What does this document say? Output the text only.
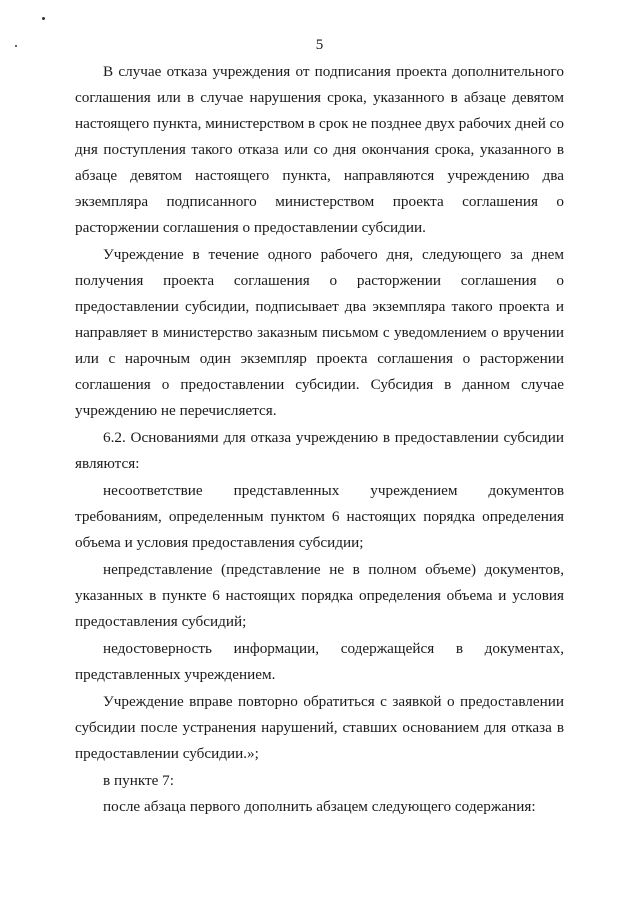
5
В случае отказа учреждения от подписания проекта дополнительного
соглашения или в случае нарушения срока, указанного в абзаце девятом
настоящего пункта, министерством в срок не позднее двух рабочих дней со
дня поступления такого отказа или со дня окончания срока, указанного в
абзаце девятом настоящего пункта, направляются учреждению два
экземпляра подписанного министерством проекта соглашения о
расторжении соглашения о предоставлении субсидии.
Учреждение в течение одного рабочего дня, следующего за днем
получения проекта соглашения о расторжении соглашения о
предоставлении субсидии, подписывает два экземпляра такого проекта и
направляет в министерство заказным письмом с уведомлением о вручении
или с нарочным один экземпляр проекта соглашения о расторжении
соглашения о предоставлении субсидии. Субсидия в данном случае
учреждению не перечисляется.
6.2. Основаниями для отказа учреждению в предоставлении субсидии
являются:
несоответствие представленных учреждением документов
требованиям, определенным пунктом 6 настоящих порядка определения
объема и условия предоставления субсидии;
непредставление (представление не в полном объеме) документов,
указанных в пункте 6 настоящих порядка определения объема и условия
предоставления субсидий;
недостоверность информации, содержащейся в документах,
представленных учреждением.
Учреждение вправе повторно обратиться с заявкой о предоставлении
субсидии после устранения нарушений, ставших основанием для отказа в
предоставлении субсидии.»;
в пункте 7:
после абзаца первого дополнить абзацем следующего содержания:
